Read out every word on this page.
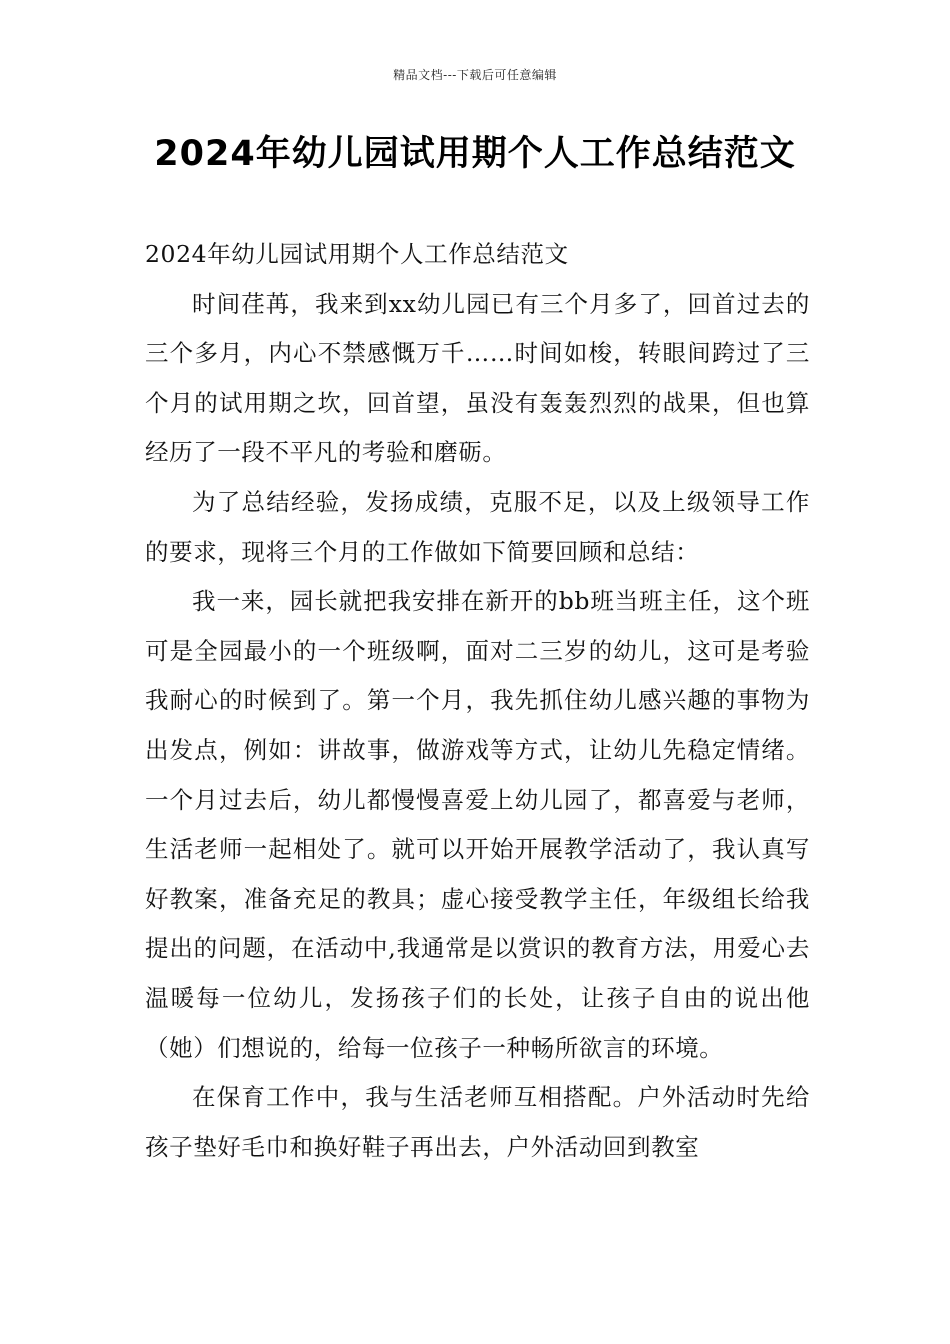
精品文档---下载后可任意编辑
2024年幼儿园试用期个人工作总结范文

2024年幼儿园试用期个人工作总结范文

时间荏苒，我来到xx幼儿园已有三个月多了，回首过去的三个多月，内心不禁感慨万千……时间如梭，转眼间跨过了三个月的试用期之坎，回首望，虽没有轰轰烈烈的战果，但也算经历了一段不平凡的考验和磨砺。

为了总结经验，发扬成绩，克服不足，以及上级领导工作的要求，现将三个月的工作做如下简要回顾和总结：

我一来，园长就把我安排在新开的bb班当班主任，这个班可是全园最小的一个班级啊，面对二三岁的幼儿，这可是考验我耐心的时候到了。第一个月，我先抓住幼儿感兴趣的事物为出发点，例如：讲故事，做游戏等方式，让幼儿先稳定情绪。一个月过去后，幼儿都慢慢喜爱上幼儿园了，都喜爱与老师，生活老师一起相处了。就可以开始开展教学活动了，我认真写好教案，准备充足的教具；虚心接受教学主任，年级组长给我提出的问题，在活动中,我通常是以赏识的教育方法，用爱心去温暖每一位幼儿，发扬孩子们的长处，让孩子自由的说出他（她）们想说的，给每一位孩子一种畅所欲言的环境。

在保育工作中，我与生活老师互相搭配。户外活动时先给孩子垫好毛巾和换好鞋子再出去，户外活动回到教室
